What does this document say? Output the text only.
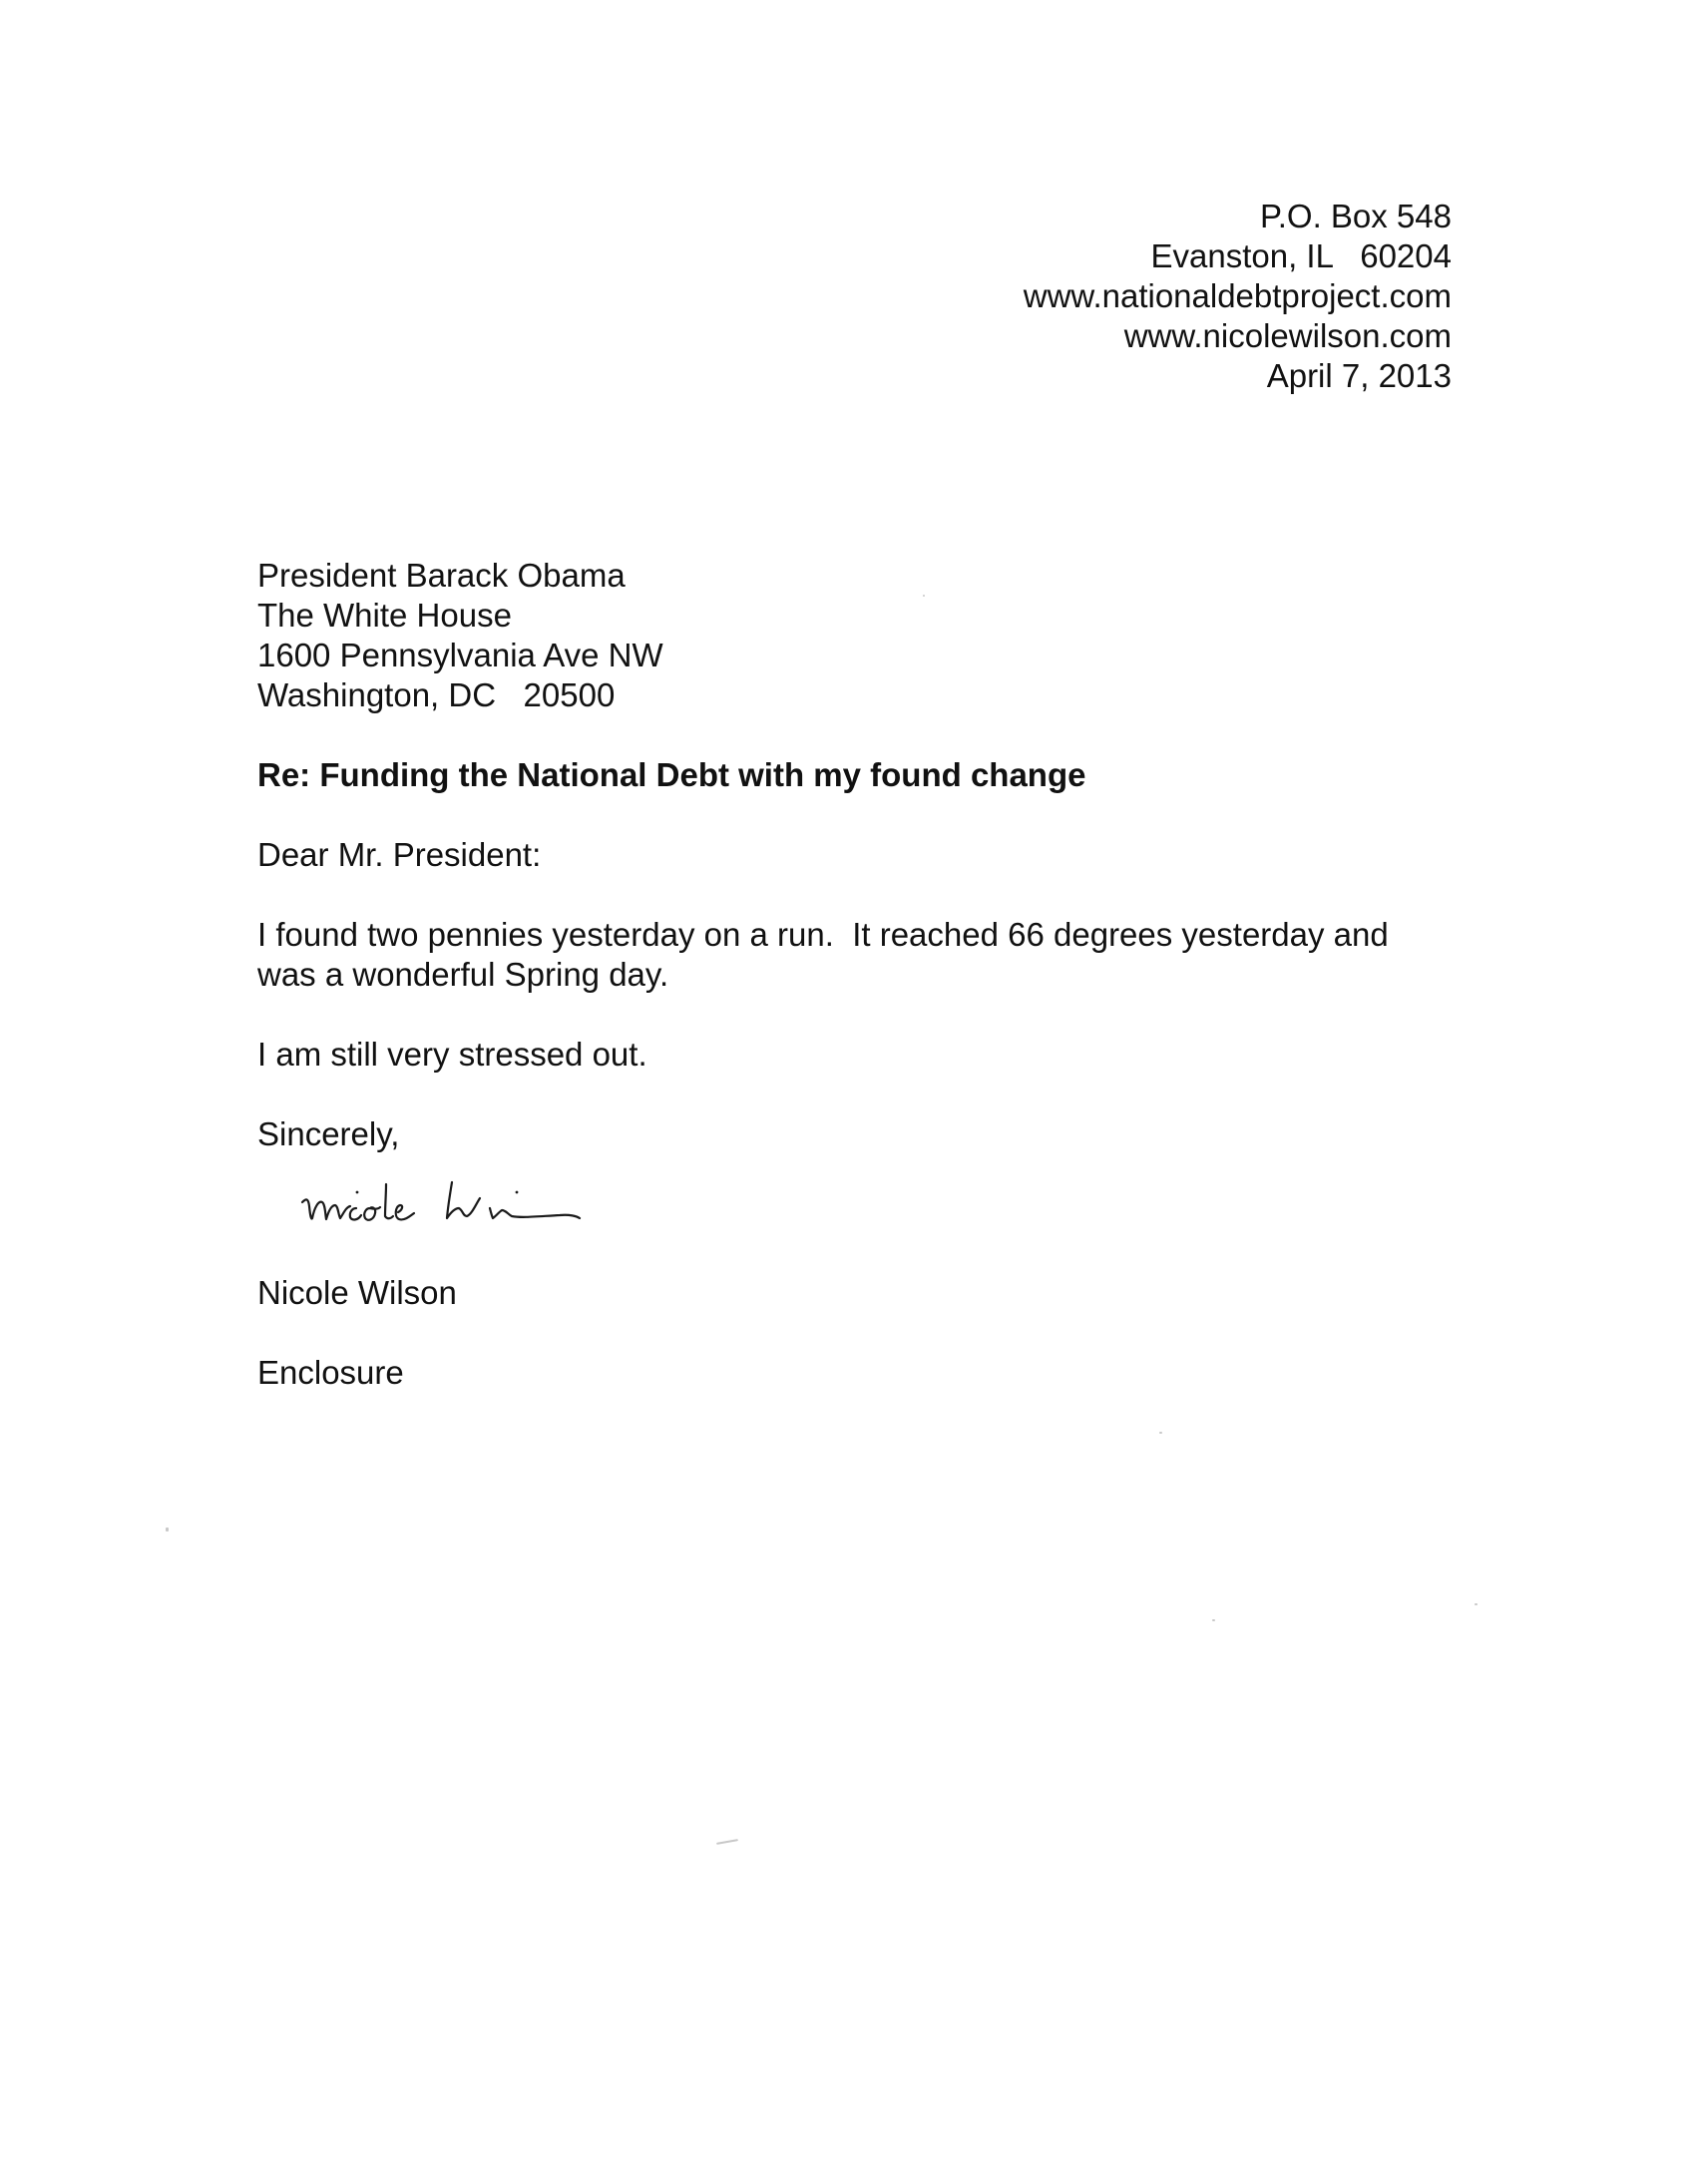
P.O. Box 548
Evanston, IL   60204
www.nationaldebtproject.com
www.nicolewilson.com
April 7, 2013
President Barack Obama
The White House
1600 Pennsylvania Ave NW
Washington, DC   20500
Re: Funding the National Debt with my found change
Dear Mr. President:
I found two pennies yesterday on a run.  It reached 66 degrees yesterday and
was a wonderful Spring day.
I am still very stressed out.
Sincerely,
Nicole Wilson
Enclosure
